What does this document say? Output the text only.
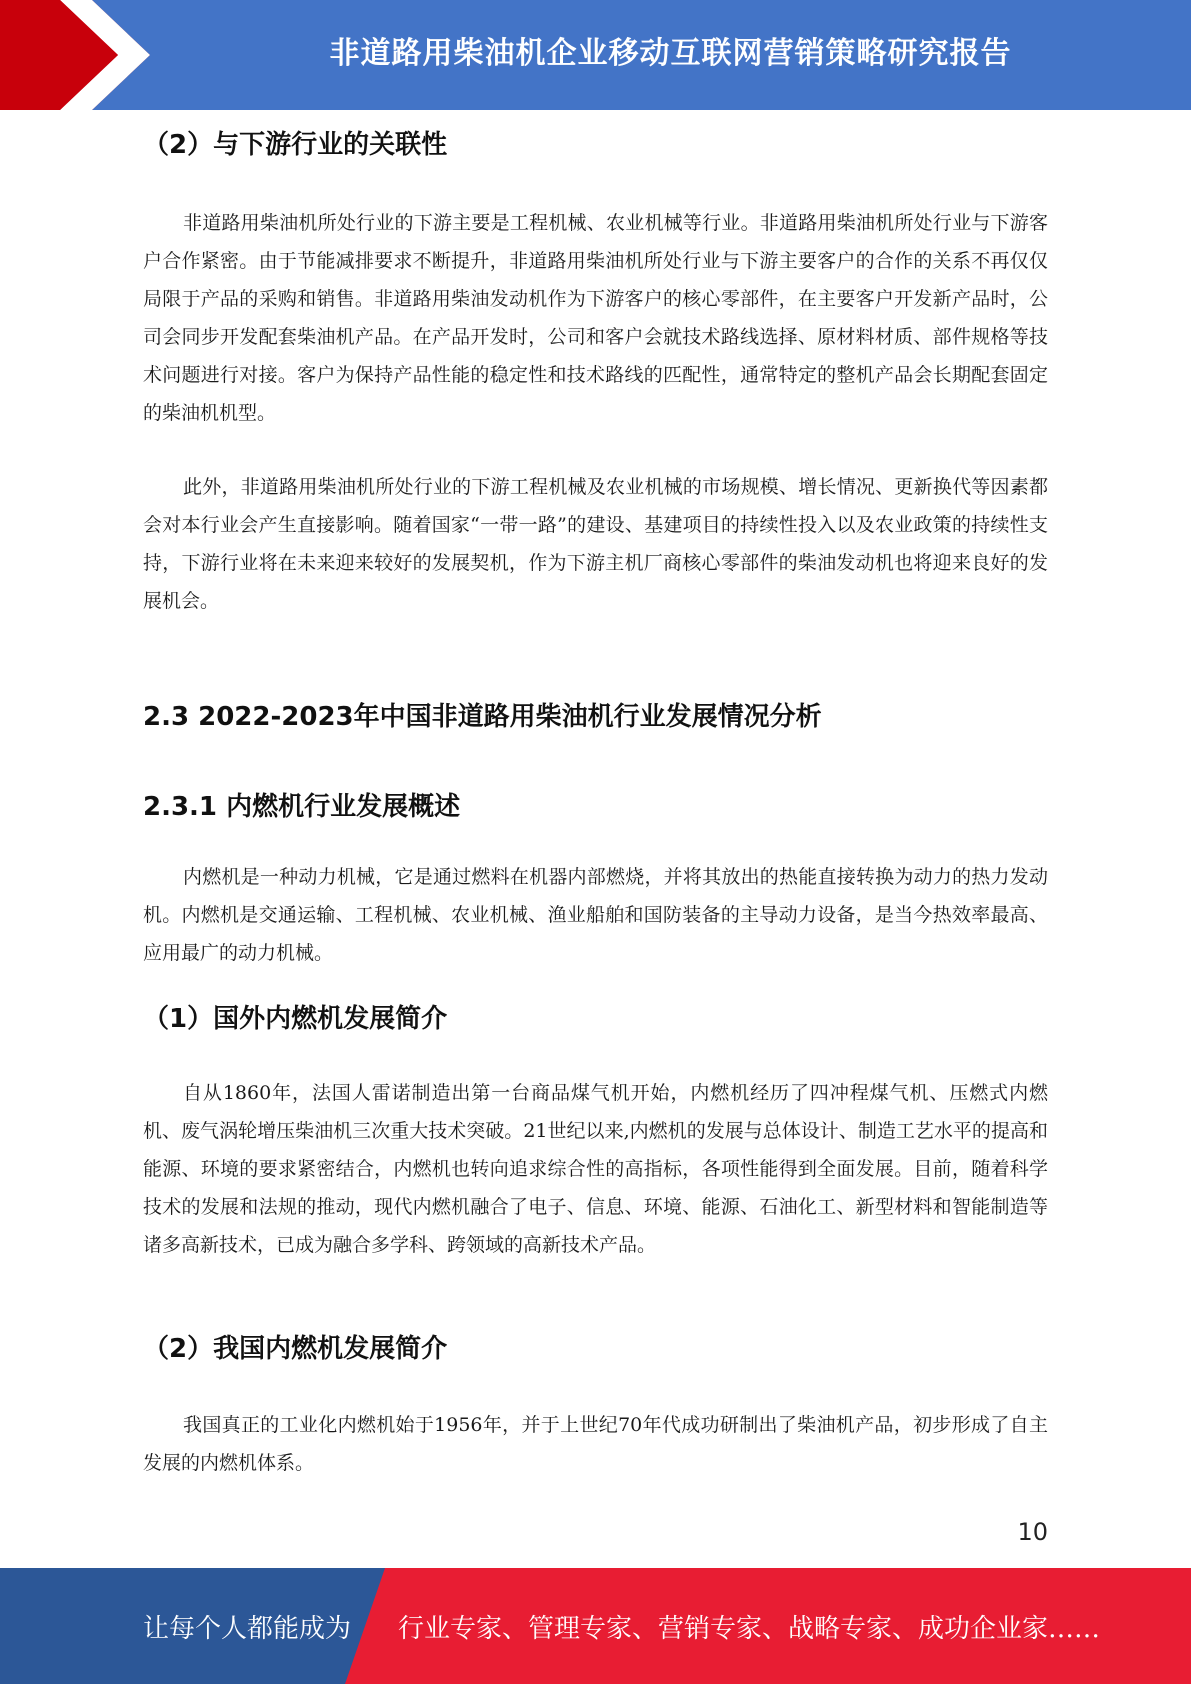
非道路用柴油机企业移动互联网营销策略研究报告
（2）与下游行业的关联性

非道路用柴油机所处行业的下游主要是工程机械、农业机械等行业。非道路用柴油机所处行业与下游客户合作紧密。由于节能减排要求不断提升，非道路用柴油机所处行业与下游主要客户的合作的关系不再仅仅局限于产品的采购和销售。非道路用柴油发动机作为下游客户的核心零部件，在主要客户开发新产品时，公司会同步开发配套柴油机产品。在产品开发时，公司和客户会就技术路线选择、原材料材质、部件规格等技术问题进行对接。客户为保持产品性能的稳定性和技术路线的匹配性，通常特定的整机产品会长期配套固定的柴油机机型。

此外，非道路用柴油机所处行业的下游工程机械及农业机械的市场规模、增长情况、更新换代等因素都会对本行业会产生直接影响。随着国家“一带一路”的建设、基建项目的持续性投入以及农业政策的持续性支持，下游行业将在未来迎来较好的发展契机，作为下游主机厂商核心零部件的柴油发动机也将迎来良好的发展机会。

2.3 2022-2023年中国非道路用柴油机行业发展情况分析
2.3.1 内燃机行业发展概述

内燃机是一种动力机械，它是通过燃料在机器内部燃烧，并将其放出的热能直接转换为动力的热力发动机。内燃机是交通运输、工程机械、农业机械、渔业船舶和国防装备的主导动力设备，是当今热效率最高、应用最广的动力机械。

（1）国外内燃机发展简介

自从1860年，法国人雷诺制造出第一台商品煤气机开始，内燃机经历了四冲程煤气机、压燃式内燃机、废气涡轮增压柴油机三次重大技术突破。21世纪以来,内燃机的发展与总体设计、制造工艺水平的提高和能源、环境的要求紧密结合，内燃机也转向追求综合性的高指标，各项性能得到全面发展。目前，随着科学技术的发展和法规的推动，现代内燃机融合了电子、信息、环境、能源、石油化工、新型材料和智能制造等诸多高新技术，已成为融合多学科、跨领域的高新技术产品。

（2）我国内燃机发展简介

我国真正的工业化内燃机始于1956年，并于上世纪70年代成功研制出了柴油机产品，初步形成了自主发展的内燃机体系。

10
让每个人都能成为 行业专家、管理专家、营销专家、战略专家、成功企业家……
